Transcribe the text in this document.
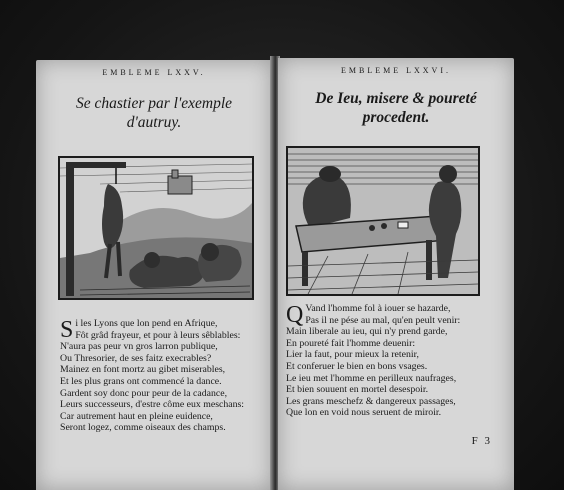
EMBLEME LXXV.
Se chastier par l'exemple
d'autruy.
S i les Lyons que lon pend en Afrique,
Fôt grâd frayeur, et pour à leurs sêblables:
N'aura pas peur vn gros larron publique,
Ou Thresorier, de ses faitz execrables?
Mainez en font mortz au gibet miserables,
Et les plus grans ont commencé la dance.
Gardent soy donc pour peur de la cadance,
Leurs successeurs, d'estre côme eux meschans:
Car autrement haut en pleine euidence,
Seront logez, comme oiseaux des champs.
EMBLEME LXXVI.
De Ieu, misere & poureté
procedent.
Q Vand l'homme fol à iouer se hazarde,
Pas il ne pése au mal, qu'en peult venir:
Main liberale au ieu, qui n'y prend garde,
En poureté fait l'homme deuenir:
Lier la faut, pour mieux la retenir,
Et conferuer le bien en bons vsages.
Le ieu met l'homme en perilleux naufrages,
Et bien souuent en mortel desespoir.
Les grans meschefz & dangereux passages,
Que lon en void nous seruent de miroir.
F 3
